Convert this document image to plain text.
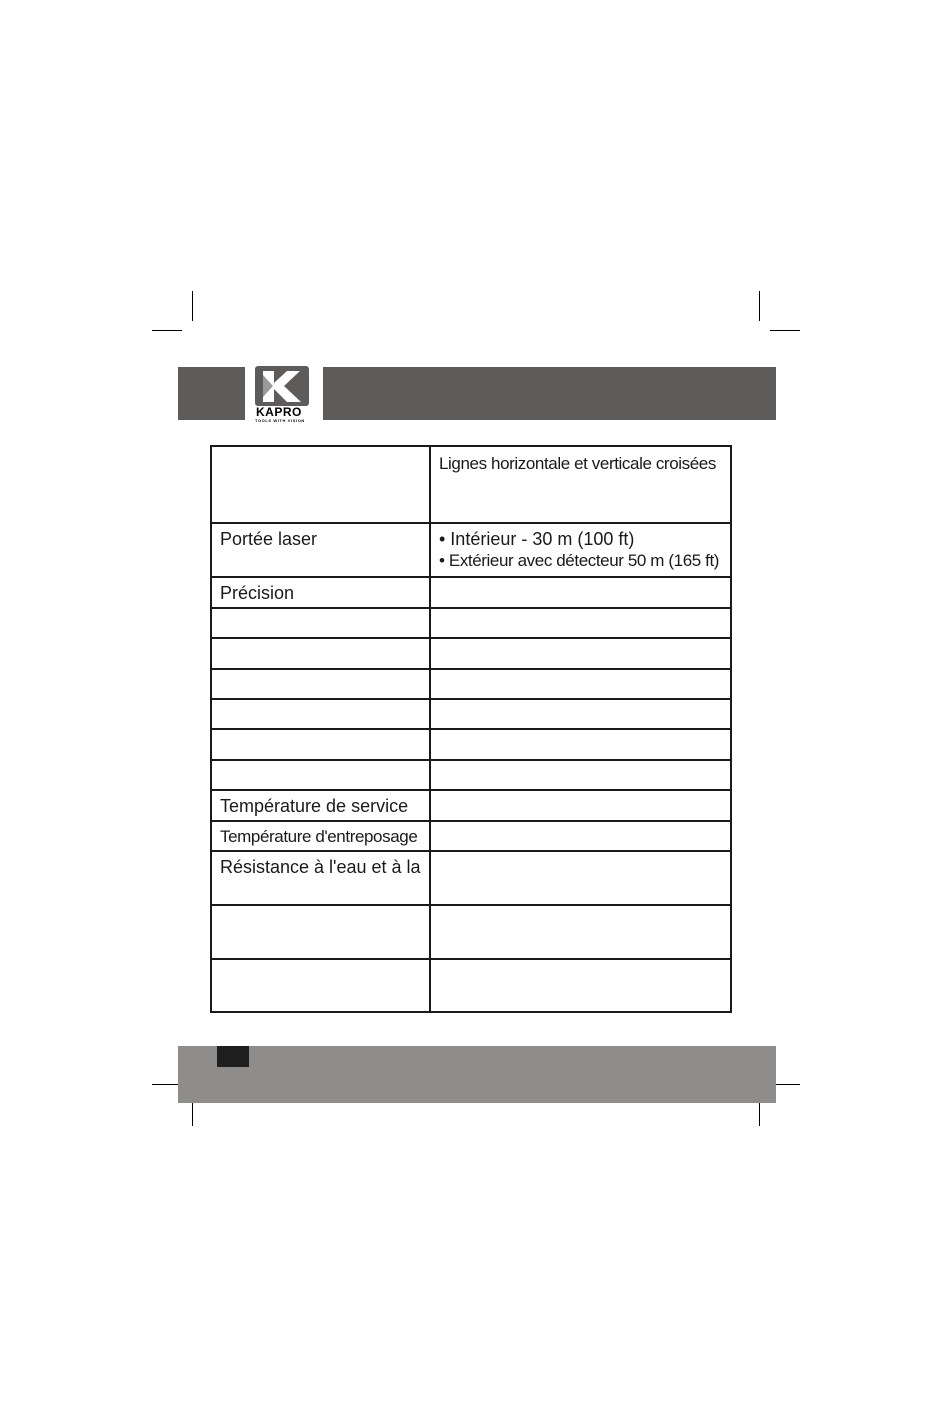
KAPRO
TOOLS WITH VISION

	Lignes horizontale et verticale croisées

Portée laser	• Intérieur - 30 m (100 ft)
• Extérieur avec détecteur 50 m (165 ft)

Précision	

Température de service	

Température d'entreposage	

Résistance à l'eau et à la	
